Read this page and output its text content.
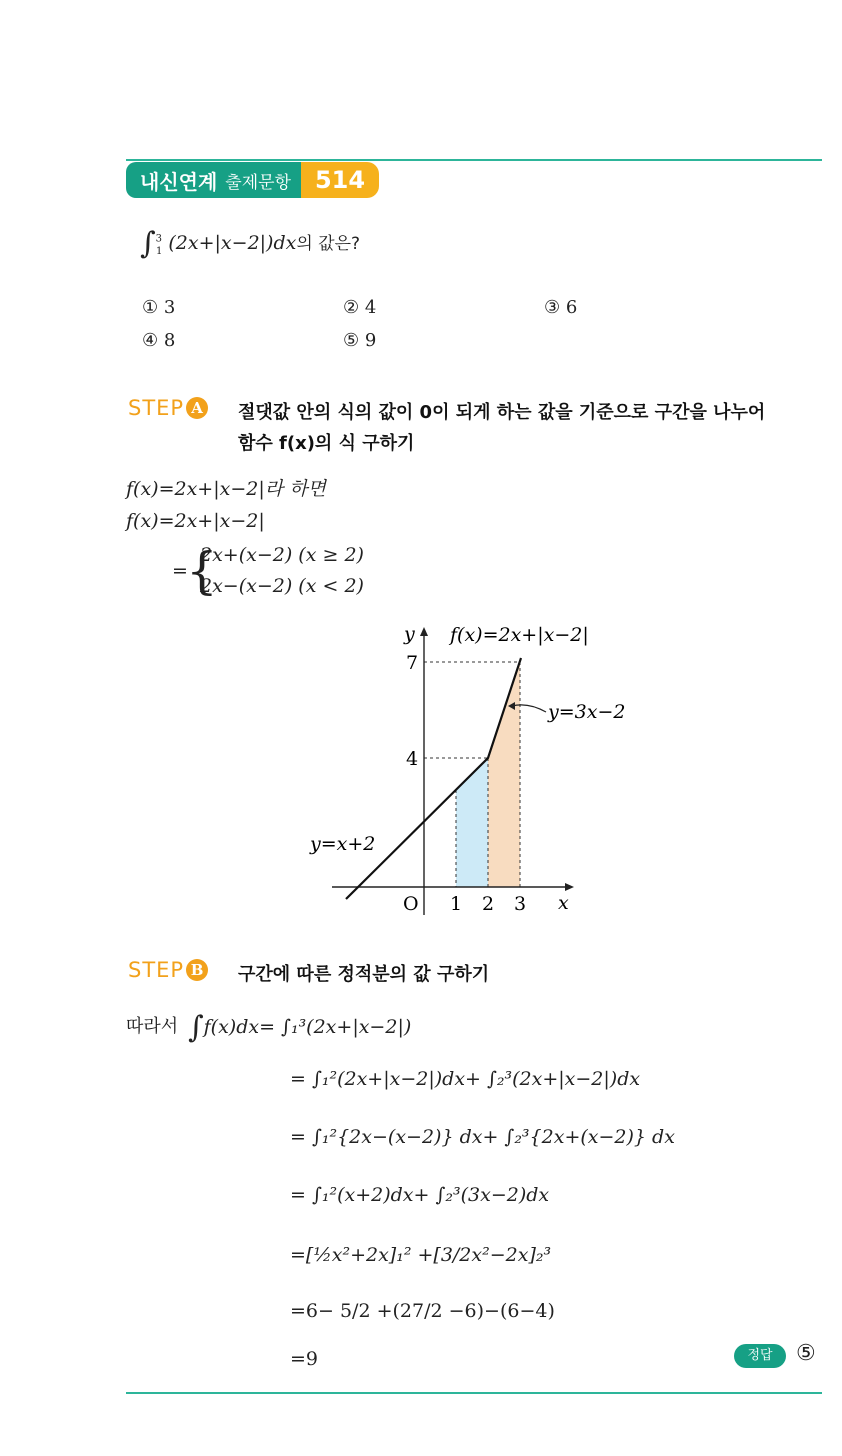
내신연계 출제문항	514
∫$^3_1$ (2x+|x−2|)dx의 값은?
① 3	② 4	③ 6
④ 8	⑤ 9
STEP A 절댓값 안의 식의 값이 0이 되게 하는 값을 기준으로 구간을 나누어
함수 f(x)의 식 구하기
f(x)=2x+|x−2|라 하면
f(x)=2x+|x−2|
=
{
2x+(x−2) (x ≥ 2)
2x−(x−2) (x < 2)
y
x
O
4
7
1 2 3
f(x)=2x+|x−2|
y=x+2
y=3x−2
STEP B 구간에 따른 정적분의 값 구하기
따라서 ∫f(x)dx= ∫₁³(2x+|x−2|)
= ∫₁²(2x+|x−2|)dx+ ∫₂³(2x+|x−2|)dx
= ∫₁²{2x−(x−2)} dx+ ∫₂³{2x+(x−2)} dx
= ∫₁²(x+2)dx+ ∫₂³(3x−2)dx
=[½x²+2x]₁² +[3/2x²−2x]₂³
=6− 5/2 +(27/2 −6)−(6−4)
=9	정답	⑤
